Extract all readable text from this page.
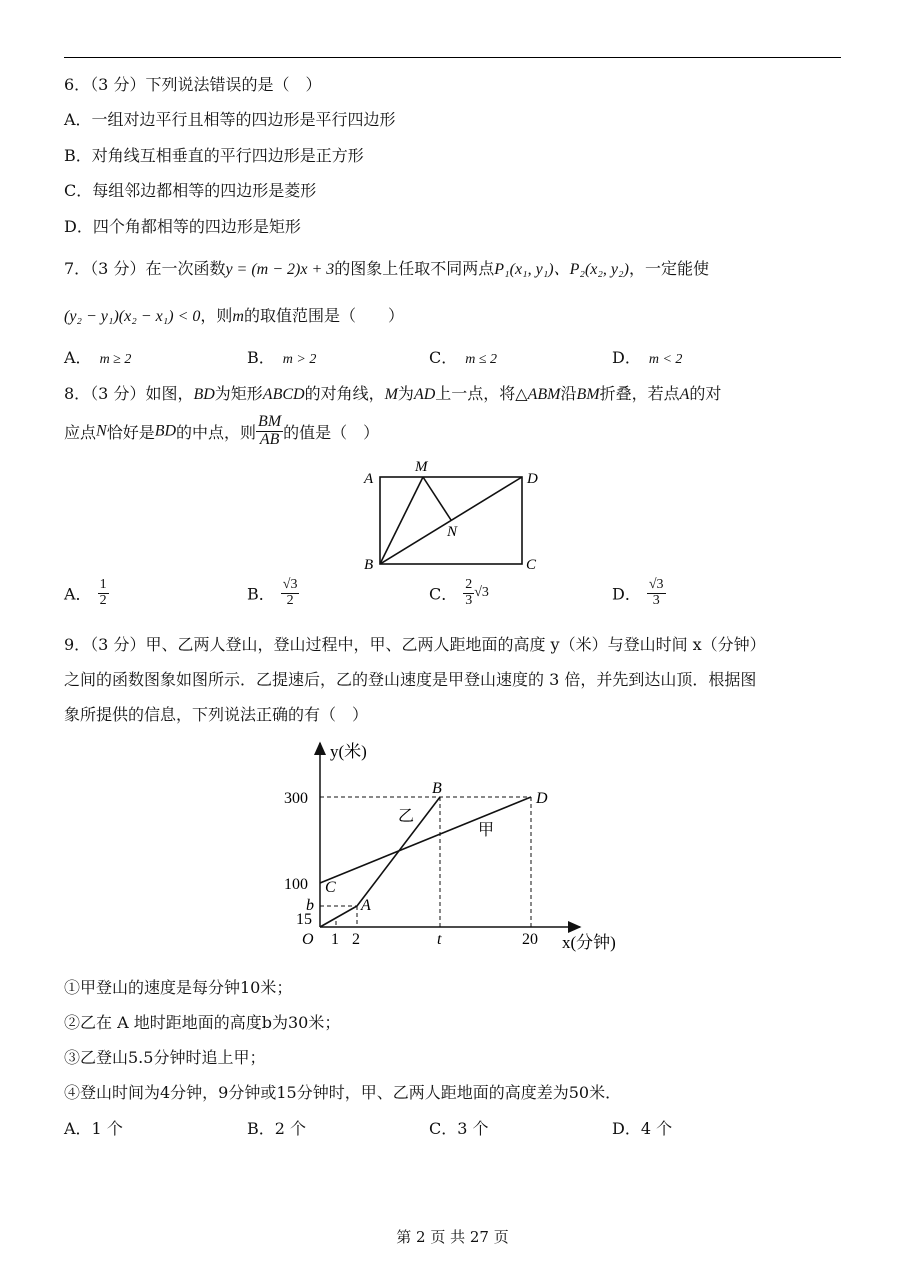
6．（3 分）下列说法错误的是（　）
A．一组对边平行且相等的四边形是平行四边形
B．对角线互相垂直的平行四边形是正方形
C．每组邻边都相等的四边形是菱形
D．四个角都相等的四边形是矩形
7．（3 分）在一次函数y = (m − 2)x + 3的图象上任取不同两点P₁(x₁, y₁)、P₂(x₂, y₂)，一定能使
(y₂ − y₁)(x₂ − x₁) < 0，则m的取值范围是（　　）
A． m ≥ 2	B． m > 2	C． m ≤ 2	D． m < 2
8．（3 分）如图，BD为矩形ABCD的对角线，M为AD上一点，将△ABM沿BM折叠，若点A的对
应点N恰好是BD的中点，则 $\frac{BM}{AB}$ 的值是（　）
A
M
D
N
B	C
A． $\frac{1}{2}$	B． $\frac{√3}{2}$	C． $\frac{2}{3} √3$	D． $\frac{√3}{3}$
9．（3 分）甲、乙两人登山，登山过程中，甲、乙两人距地面的高度 y（米）与登山时间 x（分钟）
之间的函数图象如图所示．乙提速后，乙的登山速度是甲登山速度的 3 倍，并先到达山顶．根据图
象所提供的信息，下列说法正确的有（　）
y(米)
x(分钟)
300
100
b
15
O 1 2	t	20
B
D
C
A
乙
甲
①甲登山的速度是每分钟10米；
②乙在 A 地时距地面的高度b为30米；
③乙登山5.5分钟时追上甲；
④登山时间为4分钟，9分钟或15分钟时，甲、乙两人距地面的高度差为50米．
A．1 个	B．2 个	C．3 个	D．4 个
第 2 页 共 27 页
